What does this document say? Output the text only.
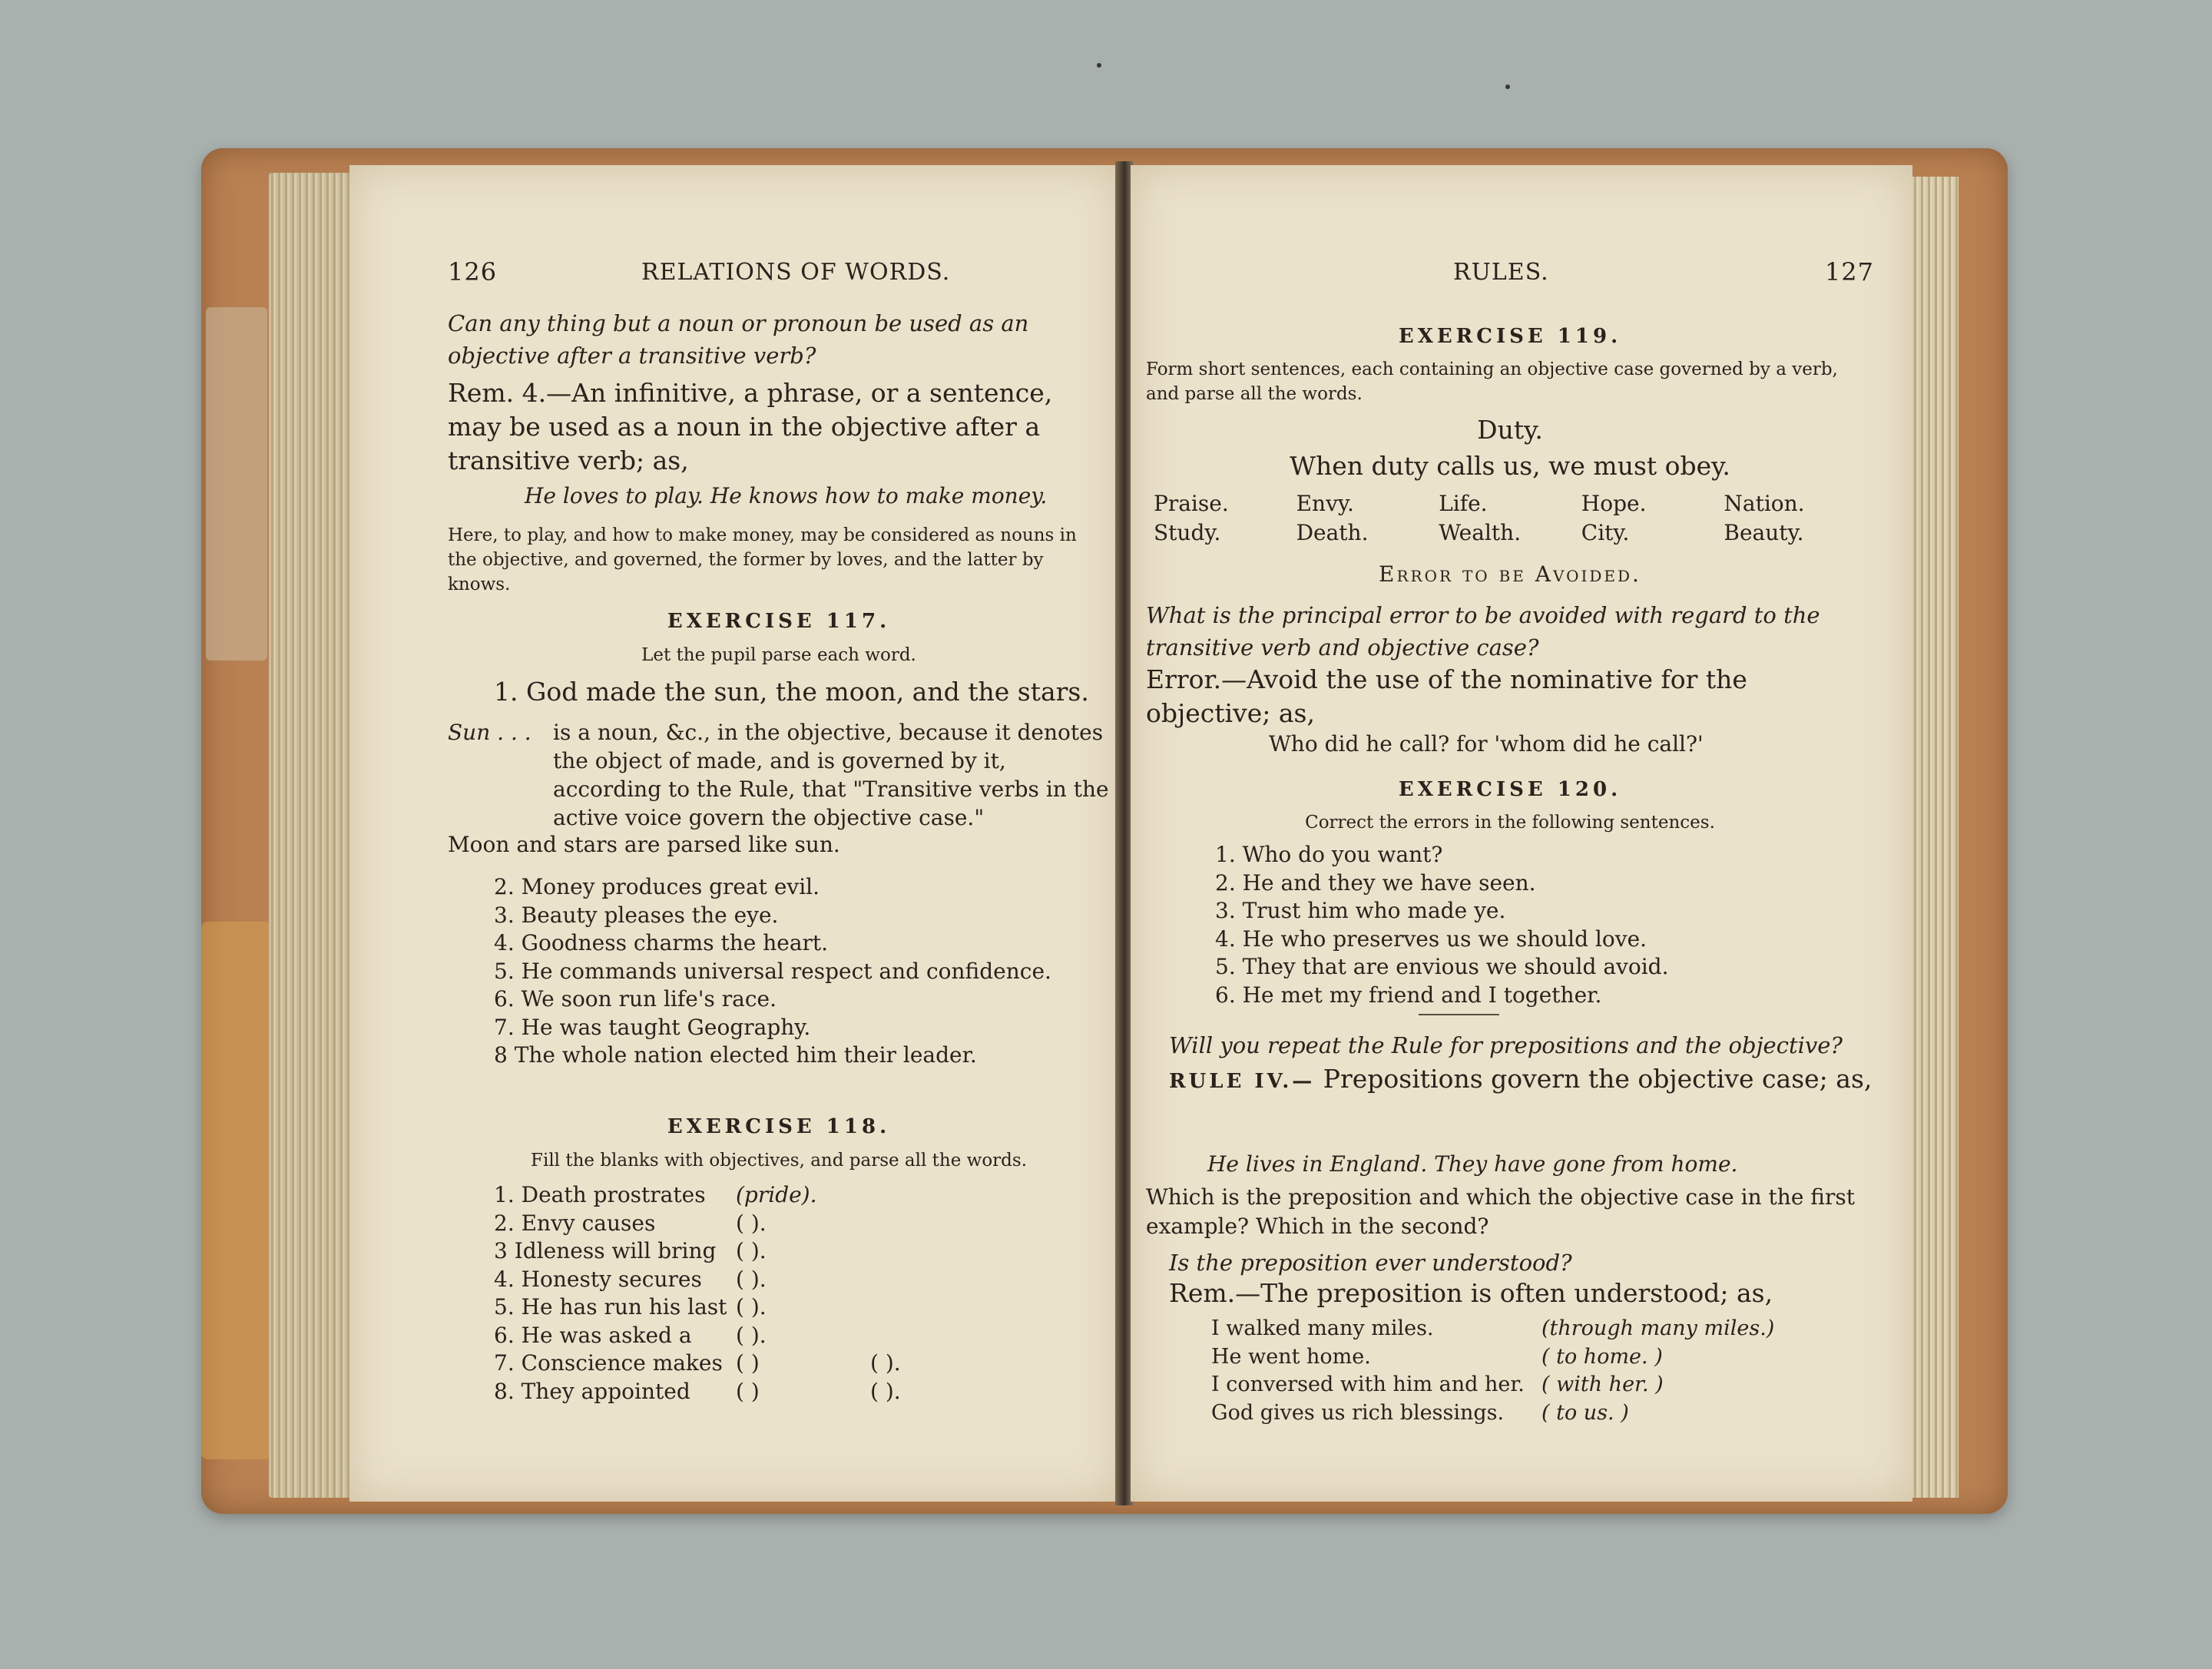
126	RELATIONS OF WORDS.
Can any thing but a noun or pronoun be used as an objective after a transitive verb?
Rem. 4.—An infinitive, a phrase, or a sentence, may be used as a noun in the objective after a transitive verb; as,
He loves to play. He knows how to make money.
Here, to play, and how to make money, may be considered as nouns in the objective, and governed, the former by loves, and the latter by knows.
EXERCISE 117.
Let the pupil parse each word.
1. God made the sun, the moon, and the stars.
Sun . . .	is a noun, &c., in the objective, because it denotes the object of made, and is governed by it, according to the Rule, that "Transitive verbs in the active voice govern the objective case."
Moon and stars are parsed like sun.
2. Money produces great evil.
3. Beauty pleases the eye.
4. Goodness charms the heart.
5. He commands universal respect and confidence.
6. We soon run life's race.
7. He was taught Geography.
8 The whole nation elected him their leader.
EXERCISE 118.
Fill the blanks with objectives, and parse all the words.
1. Death prostrates (pride).
2. Envy causes	( ).
3 Idleness will bring ( ).
4. Honesty secures ( ).
5. He has run his last ( ).
6. He was asked a ( ).
7. Conscience makes ( )	( ).
8. They appointed ( )	( ).
RULES.	127
EXERCISE 119.
Form short sentences, each containing an objective case governed by a verb, and parse all the words.
Duty.
When duty calls us, we must obey.
Praise.	Envy.	Life.	Hope.	Nation.
Study.	Death.	Wealth.	City.	Beauty.
Error to be Avoided.
What is the principal error to be avoided with regard to the transitive verb and objective case?
Error.—Avoid the use of the nominative for the objective; as,
Who did he call? for 'whom did he call?'
EXERCISE 120.
Correct the errors in the following sentences.
1. Who do you want?
2. He and they we have seen.
3. Trust him who made ye.
4. He who preserves us we should love.
5. They that are envious we should avoid.
6. He met my friend and I together.
Will you repeat the Rule for prepositions and the objective?
RULE IV.— Prepositions govern the objective case; as,
He lives in England. They have gone from home.
Which is the preposition and which the objective case in the first example? Which in the second?
Is the preposition ever understood?
Rem.—The preposition is often understood; as,
I walked many miles.	(through many miles.)
He went home.	( to home. )
I conversed with him and her. ( with her. )
God gives us rich blessings. ( to us. )
